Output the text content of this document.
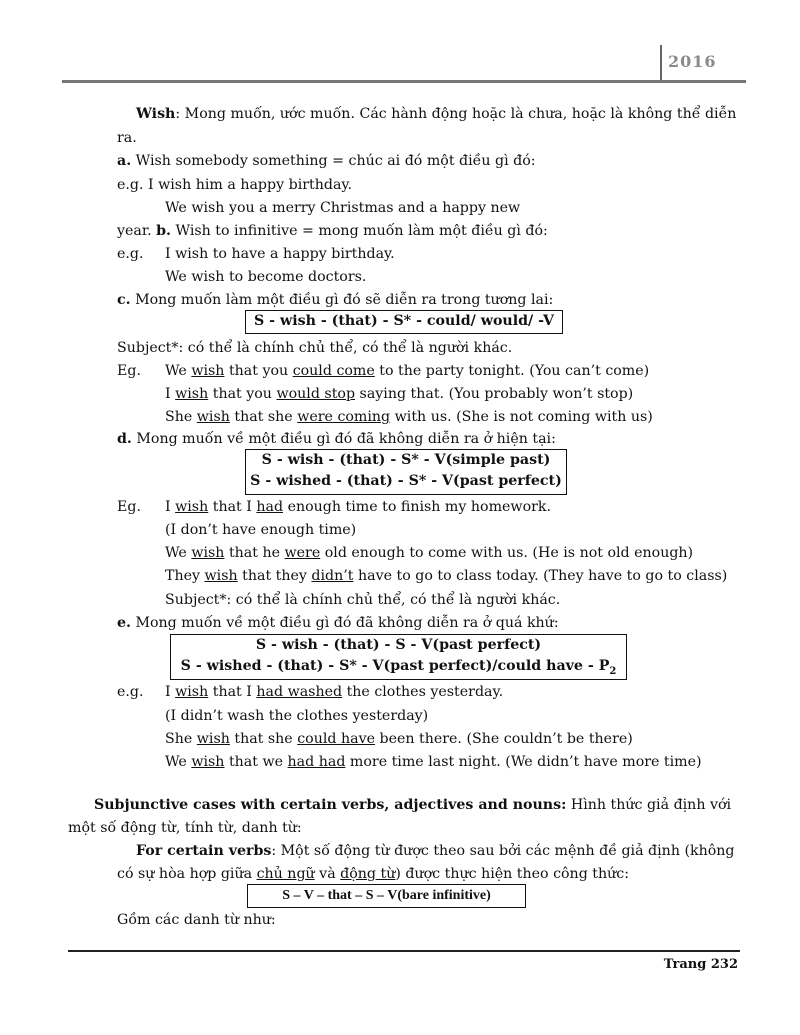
2016
Wish: Mong muốn, ước muốn. Các hành động hoặc là chưa, hoặc là không thể diễn
ra.
a. Wish somebody something = chúc ai đó một điều gì đó:
e.g. I wish him a happy birthday.
We wish you a merry Christmas and a happy new
year. b. Wish to infinitive = mong muốn làm một điều gì đó:
e.g. I wish to have a happy birthday.
We wish to become doctors.
c. Mong muốn làm một điều gì đó sẽ diễn ra trong tương lai:
S - wish - (that) - S* - could/ would/ -V
Subject*: có thể là chính chủ thể, có thể là người khác.
Eg. We wish that you could come to the party tonight. (You can’t come)
I wish that you would stop saying that. (You probably won’t stop)
She wish that she were coming with us. (She is not coming with us)
d. Mong muốn về một điều gì đó đã không diễn ra ở hiện tại:
S - wish - (that) - S* - V(simple past)
S - wished - (that) - S* - V(past perfect)
Eg. I wish that I had enough time to finish my homework.
(I don’t have enough time)
We wish that he were old enough to come with us. (He is not old enough)
They wish that they didn’t have to go to class today. (They have to go to class)
Subject*: có thể là chính chủ thể, có thể là người khác.
e. Mong muốn về một điều gì đó đã không diễn ra ở quá khứ:
S - wish - (that) - S - V(past perfect)
S - wished - (that) - S* - V(past perfect)/could have - $P_2$
e.g. I wish that I had washed the clothes yesterday.
(I didn’t wash the clothes yesterday)
She wish that she could have been there. (She couldn’t be there)
We wish that we had had more time last night. (We didn’t have more time)
Subjunctive cases with certain verbs, adjectives and nouns: Hình thức giả định với
một số động từ, tính từ, danh từ:
For certain verbs: Một số động từ được theo sau bởi các mệnh đề giả định (không
có sự hòa hợp giữa chủ ngữ và động từ) được thực hiện theo công thức:
S – V – that – S – V(bare infinitive)
Gồm các danh từ như:
Trang 232
